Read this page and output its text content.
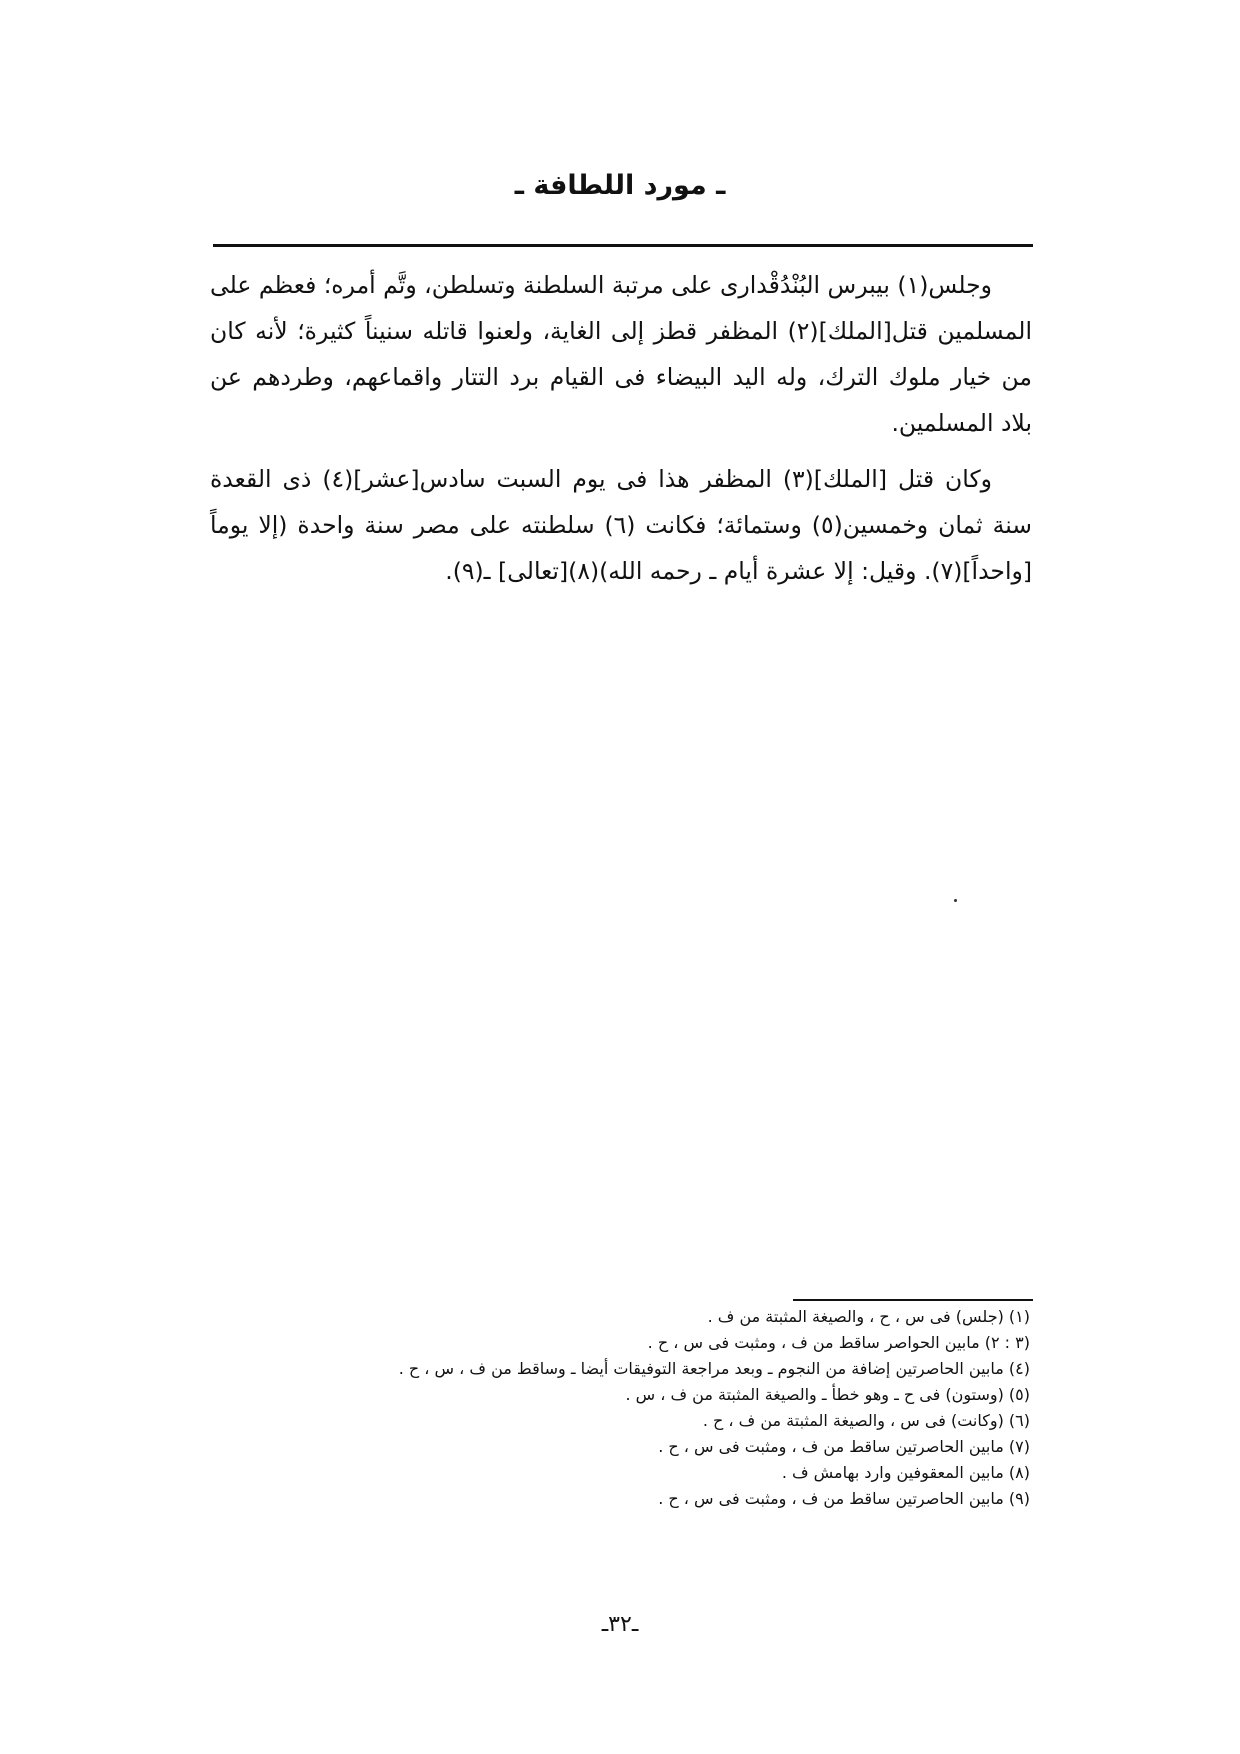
ـ مورد اللطافة ـ

وجلس(١) بيبرس البُنْدُقْدارى على مرتبة السلطنة وتسلطن، وتَّم أمره؛ فعظم على المسلمين قتل[الملك](٢) المظفر قطز إلى الغاية، ولعنوا قاتله سنيناً كثيرة؛ لأنه كان من خيار ملوك الترك، وله اليد البيضاء فى القيام برد التتار واقماعهم، وطردهم عن بلاد المسلمين.

وكان قتل [الملك](٣) المظفر هذا فى يوم السبت سادس[عشر](٤) ذى القعدة سنة ثمان وخمسين(٥) وستمائة؛ فكانت (٦) سلطنته على مصر سنة واحدة (إلا يوماً [واحداً](٧). وقيل: إلا عشرة أيام ـ رحمه الله)(٨)[تعالى] ـ(٩).

(١) (جلس) فى س ، ح ، والصيغة المثبتة من ف .

(٣ : ٢) مابين الحواصر ساقط من ف ، ومثبت فى س ، ح .

(٤) مابين الحاصرتين إضافة من النجوم ـ وبعد مراجعة التوفيقات أيضا ـ وساقط من ف ، س ، ح .

(٥) (وستون) فى ح ـ وهو خطأ ـ والصيغة المثبتة من ف ، س .

(٦) (وكانت) فى س ، والصيغة المثبتة من ف ، ح .

(٧) مابين الحاصرتين ساقط من ف ، ومثبت فى س ، ح .

(٨) مابين المعقوفين وارد بهامش ف .

(٩) مابين الحاصرتين ساقط من ف ، ومثبت فى س ، ح .

ـ٣٢ـ
